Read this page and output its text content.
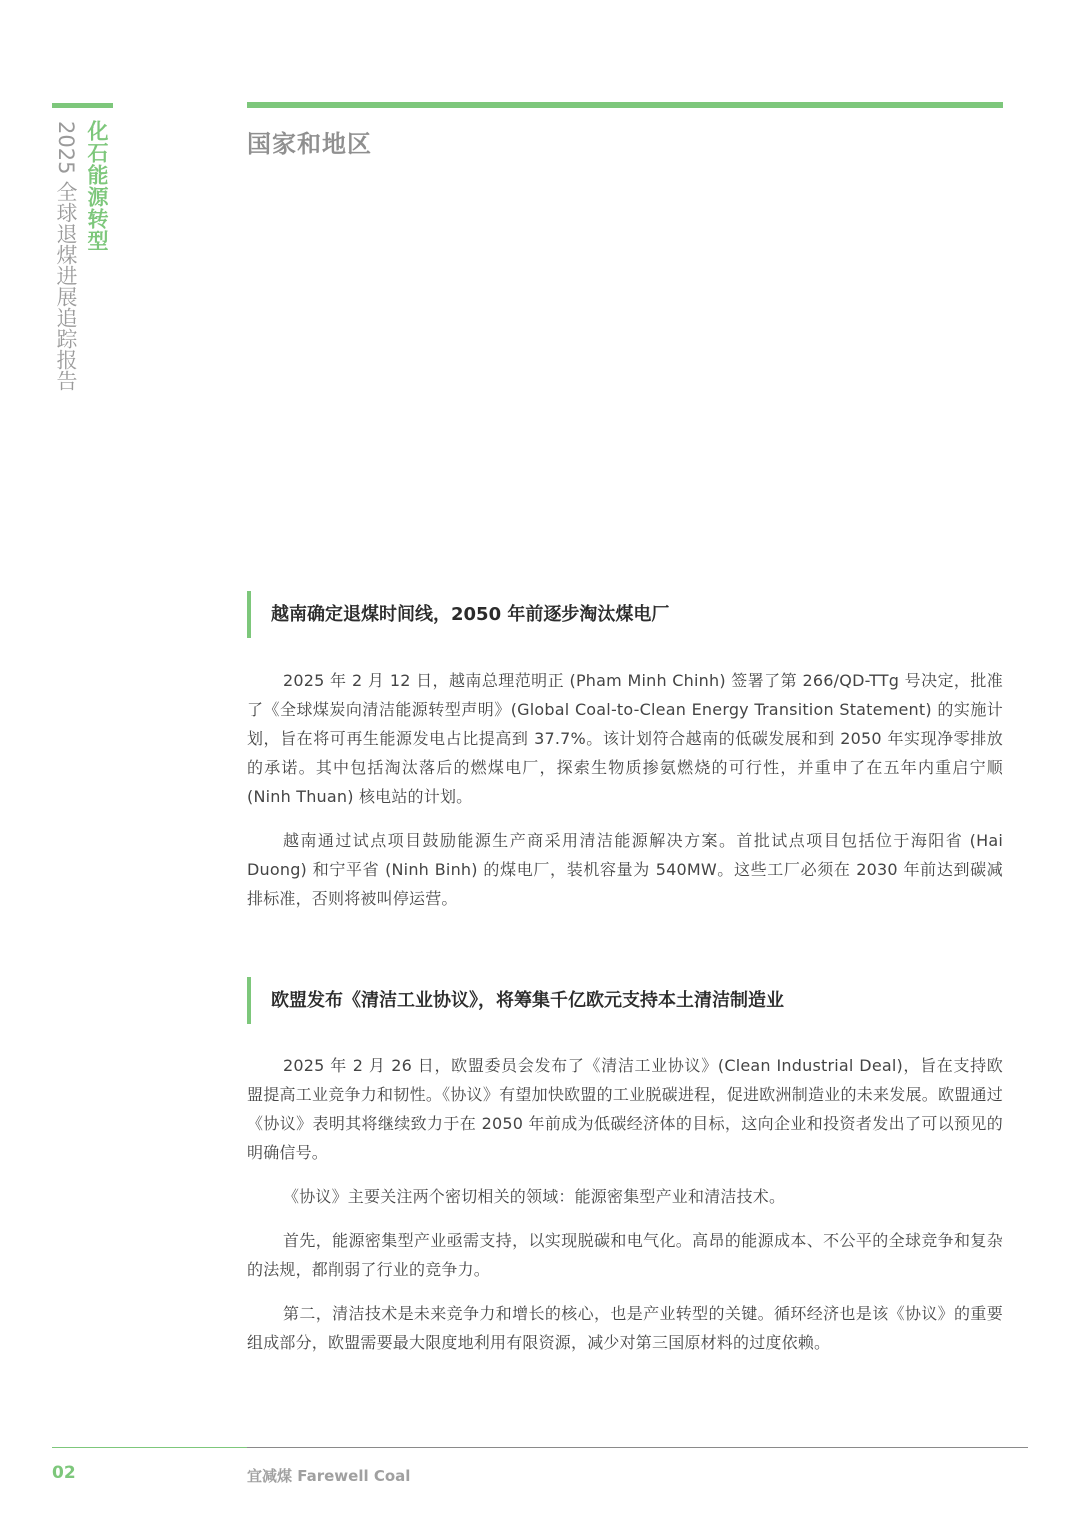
化石能源转型
2025 全球退煤进展追踪报告	国家和地区
越南确定退煤时间线，2050 年前逐步淘汰煤电厂

2025 年 2 月 12 日，越南总理范明正 (Pham Minh Chinh) 签署了第 266/QD-TTg 号决定，批准了《全球煤炭向清洁能源转型声明》(Global Coal-to-Clean Energy Transition Statement) 的实施计划，旨在将可再生能源发电占比提高到 37.7%。该计划符合越南的低碳发展和到 2050 年实现净零排放的承诺。其中包括淘汰落后的燃煤电厂，探索生物质掺氨燃烧的可行性，并重申了在五年内重启宁顺 (Ninh Thuan) 核电站的计划。

越南通过试点项目鼓励能源生产商采用清洁能源解决方案。首批试点项目包括位于海阳省 (Hai Duong) 和宁平省 (Ninh Binh) 的煤电厂，装机容量为 540MW。这些工厂必须在 2030 年前达到碳减排标准，否则将被叫停运营。

欧盟发布《清洁工业协议》，将筹集千亿欧元支持本土清洁制造业

2025 年 2 月 26 日，欧盟委员会发布了《清洁工业协议》(Clean Industrial Deal)，旨在支持欧盟提高工业竞争力和韧性。《协议》有望加快欧盟的工业脱碳进程，促进欧洲制造业的未来发展。欧盟通过《协议》表明其将继续致力于在 2050 年前成为低碳经济体的目标，这向企业和投资者发出了可以预见的明确信号。

《协议》主要关注两个密切相关的领域：能源密集型产业和清洁技术。

首先，能源密集型产业亟需支持，以实现脱碳和电气化。高昂的能源成本、不公平的全球竞争和复杂的法规，都削弱了行业的竞争力。

第二，清洁技术是未来竞争力和增长的核心，也是产业转型的关键。循环经济也是该《协议》的重要组成部分，欧盟需要最大限度地利用有限资源，减少对第三国原材料的过度依赖。

02	宜减煤 Farewell Coal
